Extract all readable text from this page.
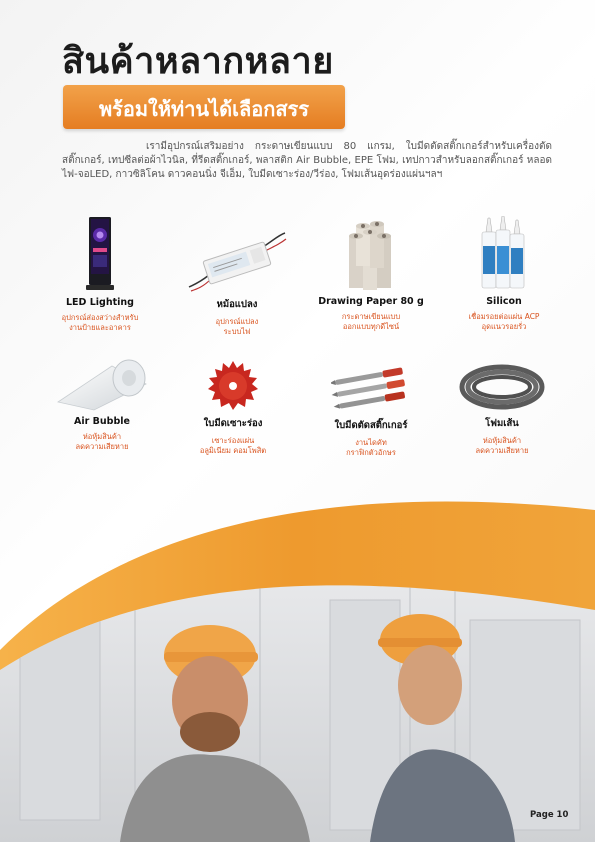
สินค้าหลากหลาย
พร้อมให้ท่านได้เลือกสรร
เรามีอุปกรณ์เสริมอย่าง กระดาษเขียนแบบ 80 แกรม, ใบมีดตัดสติ๊กเกอร์สำหรับเครื่องตัดสติ๊กเกอร์, เทปซีลต่อผ้าไวนิล, ที่รีดสติ๊กเกอร์, พลาสติก Air Bubble, EPE โฟม, เทปกาวสำหรับลอกสติ๊กเกอร์ หลอดไฟ-จอLED, กาวซิลิโคน ดาวคอนนิ่ง จีเอ็ม, ใบมีดเซาะร่อง/วีร่อง, โฟมเส้นอุดร่องแผ่นฯลฯ
LED Lighting
อุปกรณ์ส่องสว่างสำหรับ
งานป้ายและอาคาร
หม้อแปลง
อุปกรณ์แปลง
ระบบไฟ
Drawing Paper 80 g
กระดาษเขียนแบบ
ออกแบบทุกดีไซน์
Silicon
เชื่อมรอยต่อแผ่น ACP
อุดแนวรอยรั่ว
Air Bubble
ห่อหุ้มสินค้า
ลดความเสียหาย
ใบมีดเซาะร่อง
เซาะร่องแผ่น
อลูมิเนียม คอมโพสิต
ใบมีดตัดสติ๊กเกอร์
งานไดคัท
กราฟิกตัวอักษร
โฟมเส้น
ห่อหุ้มสินค้า
ลดความเสียหาย
Page 10
